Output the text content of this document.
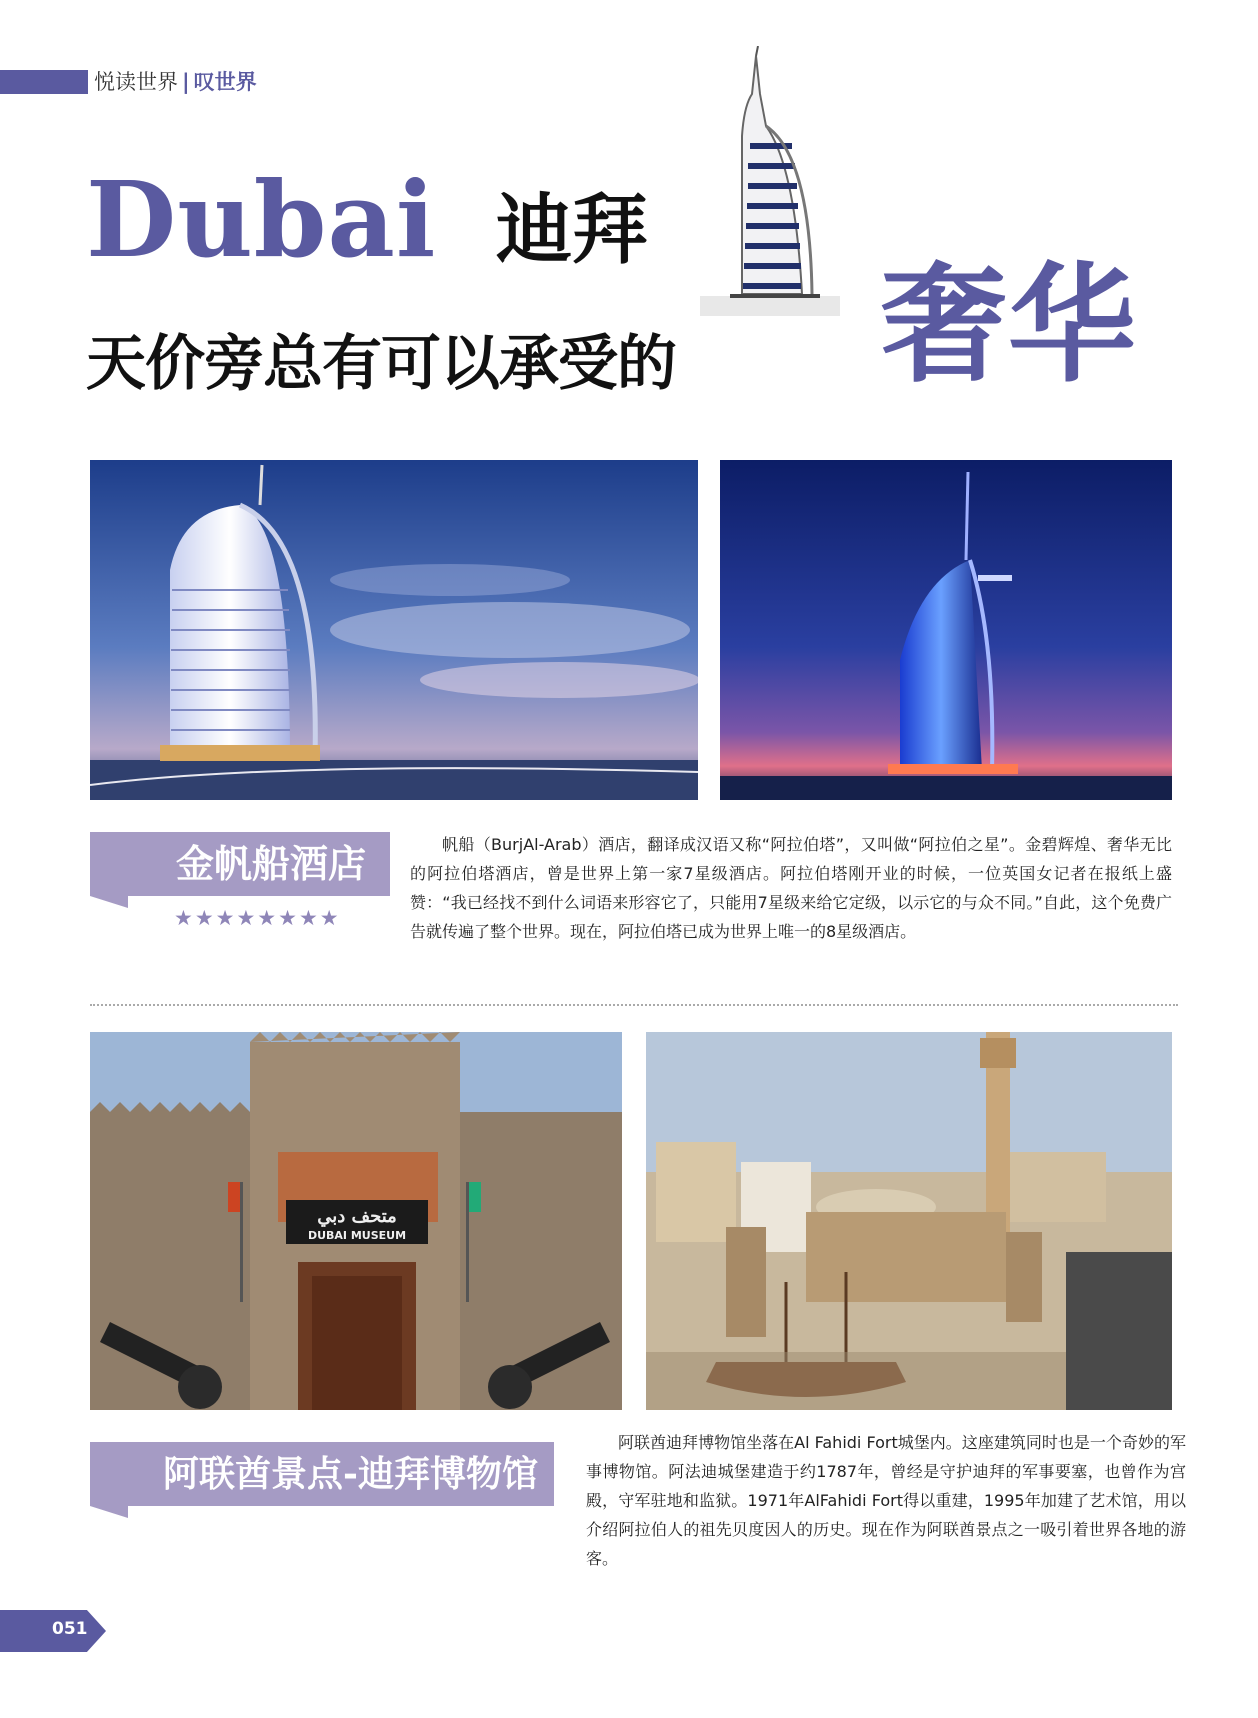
悦读世界 | 叹世界
Dubai 迪拜
天价旁总有可以承受的 奢华
金帆船酒店
★★★★★★★★
帆船（BurjAl-Arab）酒店，翻译成汉语又称“阿拉伯塔”，又叫做“阿拉伯之星”。金碧辉煌、奢华无比的阿拉伯塔酒店，曾是世界上第一家7星级酒店。阿拉伯塔刚开业的时候，一位英国女记者在报纸上盛赞：“我已经找不到什么词语来形容它了，只能用7星级来给它定级，以示它的与众不同。”自此，这个免费广告就传遍了整个世界。现在，阿拉伯塔已成为世界上唯一的8星级酒店。
متحف دبي
DUBAI MUSEUM
阿联酋景点-迪拜博物馆
阿联酋迪拜博物馆坐落在Al Fahidi Fort城堡内。这座建筑同时也是一个奇妙的军事博物馆。阿法迪城堡建造于约1787年，曾经是守护迪拜的军事要塞，也曾作为宫殿，守军驻地和监狱。1971年AlFahidi Fort得以重建，1995年加建了艺术馆，用以介绍阿拉伯人的祖先贝度因人的历史。现在作为阿联酋景点之一吸引着世界各地的游客。
051
